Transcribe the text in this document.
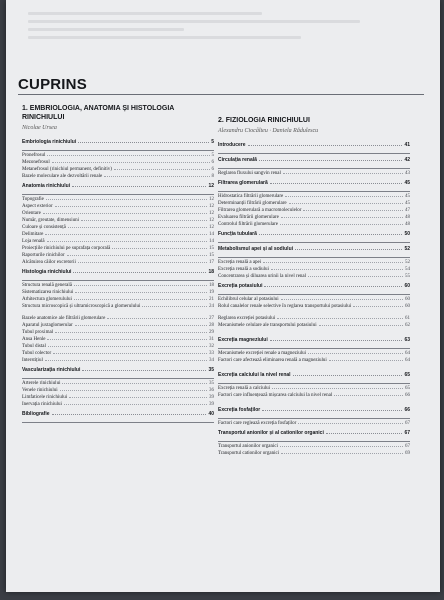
CUPRINS
1. EMBRIOLOGIA, ANATOMIA ȘI HISTOLOGIA RINICHIULUI
Nicolae Ursea
Embriologia rinichiului	5
Pronefrosul	5
Mezonefrosul	6
Metanefrosul (rinichiul permanent, definitiv)	6
Bazele moleculare ale dezvoltării renale	8
Anatomia rinichiului	12
Topografie	12
Aspect exterior	12
Orientare	12
Număr, greutate, dimensiuni	12
Culoare și consistență	12
Delimitare	14
Loja renală	14
Proiecțiile rinichiului pe suprafața corporală	15
Raporturile rinichilor	15
Alcătuirea căilor excretorii	17
Histologia rinichiului	18
Structura renală generală	18
Sistematizarea rinichiului	19
Arhitectura glomerulului	21
Structura microscopică și ultramicroscopică a glomerulului	24
Bazele anatomice ale filtrării glomerulare	27
Aparatul juxtaglomerular	28
Tubul proximal	29
Ansa Henle	31
Tubul distal	32
Tubul colector	33
Interstițiul	34
Vascularizația rinichiului	35
Arterele rinichiului	35
Venele rinichiului	36
Limfaticele rinichiului	39
Inervația rinichiului	39
Bibliografie	40
2. FIZIOLOGIA RINICHIULUI
Alexandru Ciocâlteu · Daniela Rădulescu
Introducere	41
Circulația renală	42
Reglarea fluxului sangvin renal	43
Filtrarea glomerulară	45
Hidrostatica filtrării glomerulare	45
Determinanții filtrării glomerulare	45
Filtrarea glomerulară a macromoleculelor	47
Evaluarea filtrării glomerulare	48
Controlul filtrării glomerulare	48
Funcția tubulară	50
Metabolismul apei și al sodiului	52
Excreția renală a apei	52
Excreția renală a sodiului	54
Concentrarea și diluarea urinii la nivel renal	55
Excreția potasiului	60
Echilibrul celular al potasiului	60
Rolul canalelor renale selective în reglarea transportului potasiului	60
Reglarea excreției potasiului	61
Mecanismele celulare ale transportului potasiului	62
Excreția magneziului	63
Mecanismele excreției renale a magneziului	64
Factori care afectează eliminarea renală a magneziului	64
Excreția calciului la nivel renal	65
Excreția renală a calciului	65
Factori care influențează mișcarea calciului la nivel renal	66
Excreția fosfaților	66
Factori care reglează excreția fosfaților	67
Transportul anionilor și al cationilor organici	67
Transportul anionilor organici	67
Transportul cationilor organici	69
